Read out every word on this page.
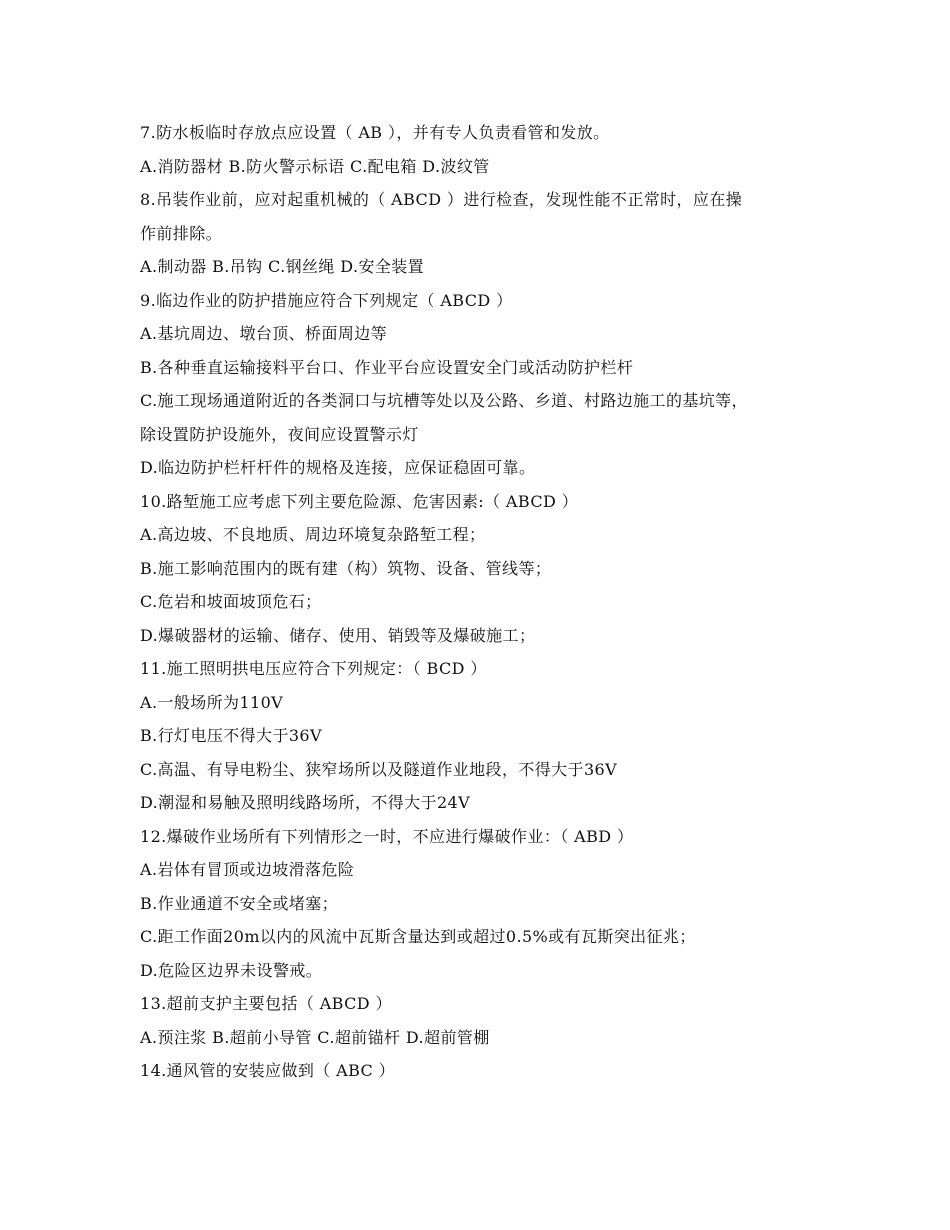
7.防水板临时存放点应设置（ AB ），并有专人负责看管和发放。
A.消防器材 B.防火警示标语 C.配电箱 D.波纹管
8.吊装作业前，应对起重机械的（ ABCD ）进行检查，发现性能不正常时，应在操
作前排除。
A.制动器 B.吊钩 C.钢丝绳 D.安全装置
9.临边作业的防护措施应符合下列规定（ ABCD ）
A.基坑周边、墩台顶、桥面周边等
B.各种垂直运输接料平台口、作业平台应设置安全门或活动防护栏杆
C.施工现场通道附近的各类洞口与坑槽等处以及公路、乡道、村路边施工的基坑等，
除设置防护设施外，夜间应设置警示灯
D.临边防护栏杆杆件的规格及连接，应保证稳固可靠。
10.路堑施工应考虑下列主要危险源、危害因素:（ ABCD ）
A.高边坡、不良地质、周边环境复杂路堑工程；
B.施工影响范围内的既有建（构）筑物、设备、管线等；
C.危岩和坡面坡顶危石；
D.爆破器材的运输、储存、使用、销毁等及爆破施工；
11.施工照明拱电压应符合下列规定：（ BCD ）
A.一般场所为110V
B.行灯电压不得大于36V
C.高温、有导电粉尘、狭窄场所以及隧道作业地段，不得大于36V
D.潮湿和易触及照明线路场所，不得大于24V
12.爆破作业场所有下列情形之一时，不应进行爆破作业：（ ABD ）
A.岩体有冒顶或边坡滑落危险
B.作业通道不安全或堵塞；
C.距工作面20m以内的风流中瓦斯含量达到或超过0.5%或有瓦斯突出征兆；
D.危险区边界未设警戒。
13.超前支护主要包括（ ABCD ）
A.预注浆 B.超前小导管 C.超前锚杆 D.超前管棚
14.通风管的安装应做到（ ABC ）
